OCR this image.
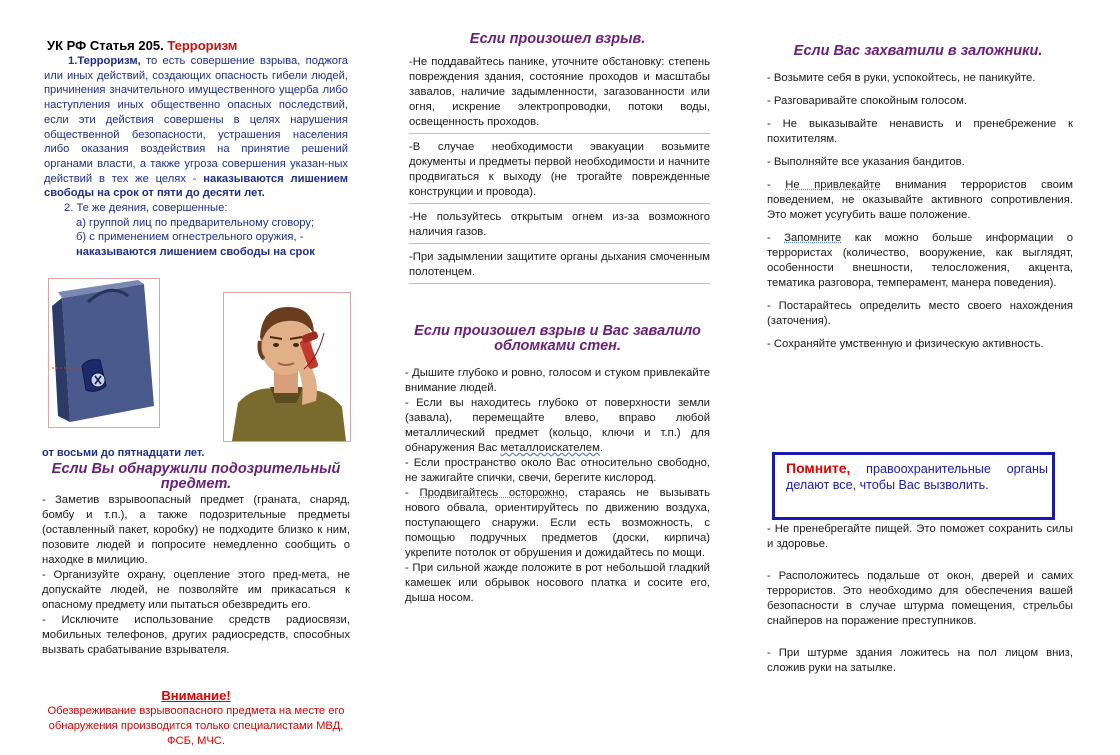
УК РФ Статья 205. Терроризм

1.Терроризм, то есть совершение взрыва, поджога или иных действий, создающих опасность гибели людей, причинения значительного имущественного ущерба либо наступления иных общественно опасных последствий, если эти действия совершены в целях нарушения общественной безопасности, устрашения населения либо оказания воздействия на принятие решений органами власти, а также угроза совершения указан-ных действий в тех же целях - наказываются лишением свободы на срок от пяти до десяти лет.

2. Те же деяния, совершенные:

а) группой лиц по предварительному сговору;

б) с применением огнестрельного оружия, -

наказываются лишением свободы на срок

от восьми до пятнадцати лет.
Если Вы обнаружили подозрительный предмет.

- Заметив взрывоопасный предмет (граната, снаряд, бомбу и т.п.), а также подозрительные предметы (оставленный пакет, коробку) не подходите близко к ним, позовите людей и попросите немедленно сообщить о находке в милицию.

- Организуйте охрану, оцепление этого пред-мета, не допускайте людей, не позволяйте им прикасаться к опасному предмету или пытаться обезвредить его.

- Исключите использование средств радиосвязи, мобильных телефонов, других радиосредств, способных вызвать срабатывание взрывателя.

Внимание!
Обезвреживание взрывоопасного предмета на месте его обнаружения производится только специалистами МВД, ФСБ, МЧС.
Если произошел взрыв.

-Не поддавайтесь панике, уточните обстановку: степень повреждения здания, состояние проходов и масштабы завалов, наличие задымленности, загазованности или огня, искрение электропроводки, потоки воды, освещенность проходов.

-В случае необходимости эвакуации возьмите документы и предметы первой необходимости и начните продвигаться к выходу (не трогайте поврежденные конструкции и провода).

-Не пользуйтесь открытым огнем из-за возможного наличия газов.

-При задымлении защитите органы дыхания смоченным полотенцем.

Если произошел взрыв и Вас завалило обломками стен.

- Дышите глубоко и ровно, голосом и стуком привлекайте внимание людей.

- Если вы находитесь глубоко от поверхности земли (завала), перемещайте влево, вправо любой металлический предмет (кольцо, ключи и т.п.) для обнаружения Вас металлоискателем.

- Если пространство около Вас относительно свободно, не зажигайте спички, свечи, берегите кислород.

- Продвигайтесь осторожно, стараясь не вызывать нового обвала, ориентируйтесь по движению воздуха, поступающего снаружи. Если есть возможность, с помощью подручных предметов (доски, кирпича) укрепите потолок от обрушения и дожидайтесь по мощи.

- При сильной жажде положите в рот небольшой гладкий камешек или обрывок носового платка и сосите его, дыша носом.

Если Вас захватили в заложники.

- Возьмите себя в руки, успокойтесь, не паникуйте.

- Разговаривайте спокойным голосом.

- Не выказывайте ненависть и пренебрежение к похитителям.

- Выполняйте все указания бандитов.

- Не привлекайте внимания террористов своим поведением, не оказывайте активного сопротивления. Это может усугубить ваше положение.

- Запомните как можно больше информации о террористах (количество, вооружение, как выглядят, особенности внешности, телосложения, акцента, тематика разговора, темперамент, манера поведения).

- Постарайтесь определить место своего нахождения (заточения).

- Сохраняйте умственную и физическую активность.

Помните, правоохранительные органы делают все, чтобы Вас вызволить.

- Не пренебрегайте пищей. Это поможет сохранить силы и здоровье.

- Расположитесь подальше от окон, дверей и самих террористов. Это необходимо для обеспечения вашей безопасности в случае штурма помещения, стрельбы снайперов на поражение преступников.

- При штурме здания ложитесь на пол лицом вниз, сложив руки на затылке.
